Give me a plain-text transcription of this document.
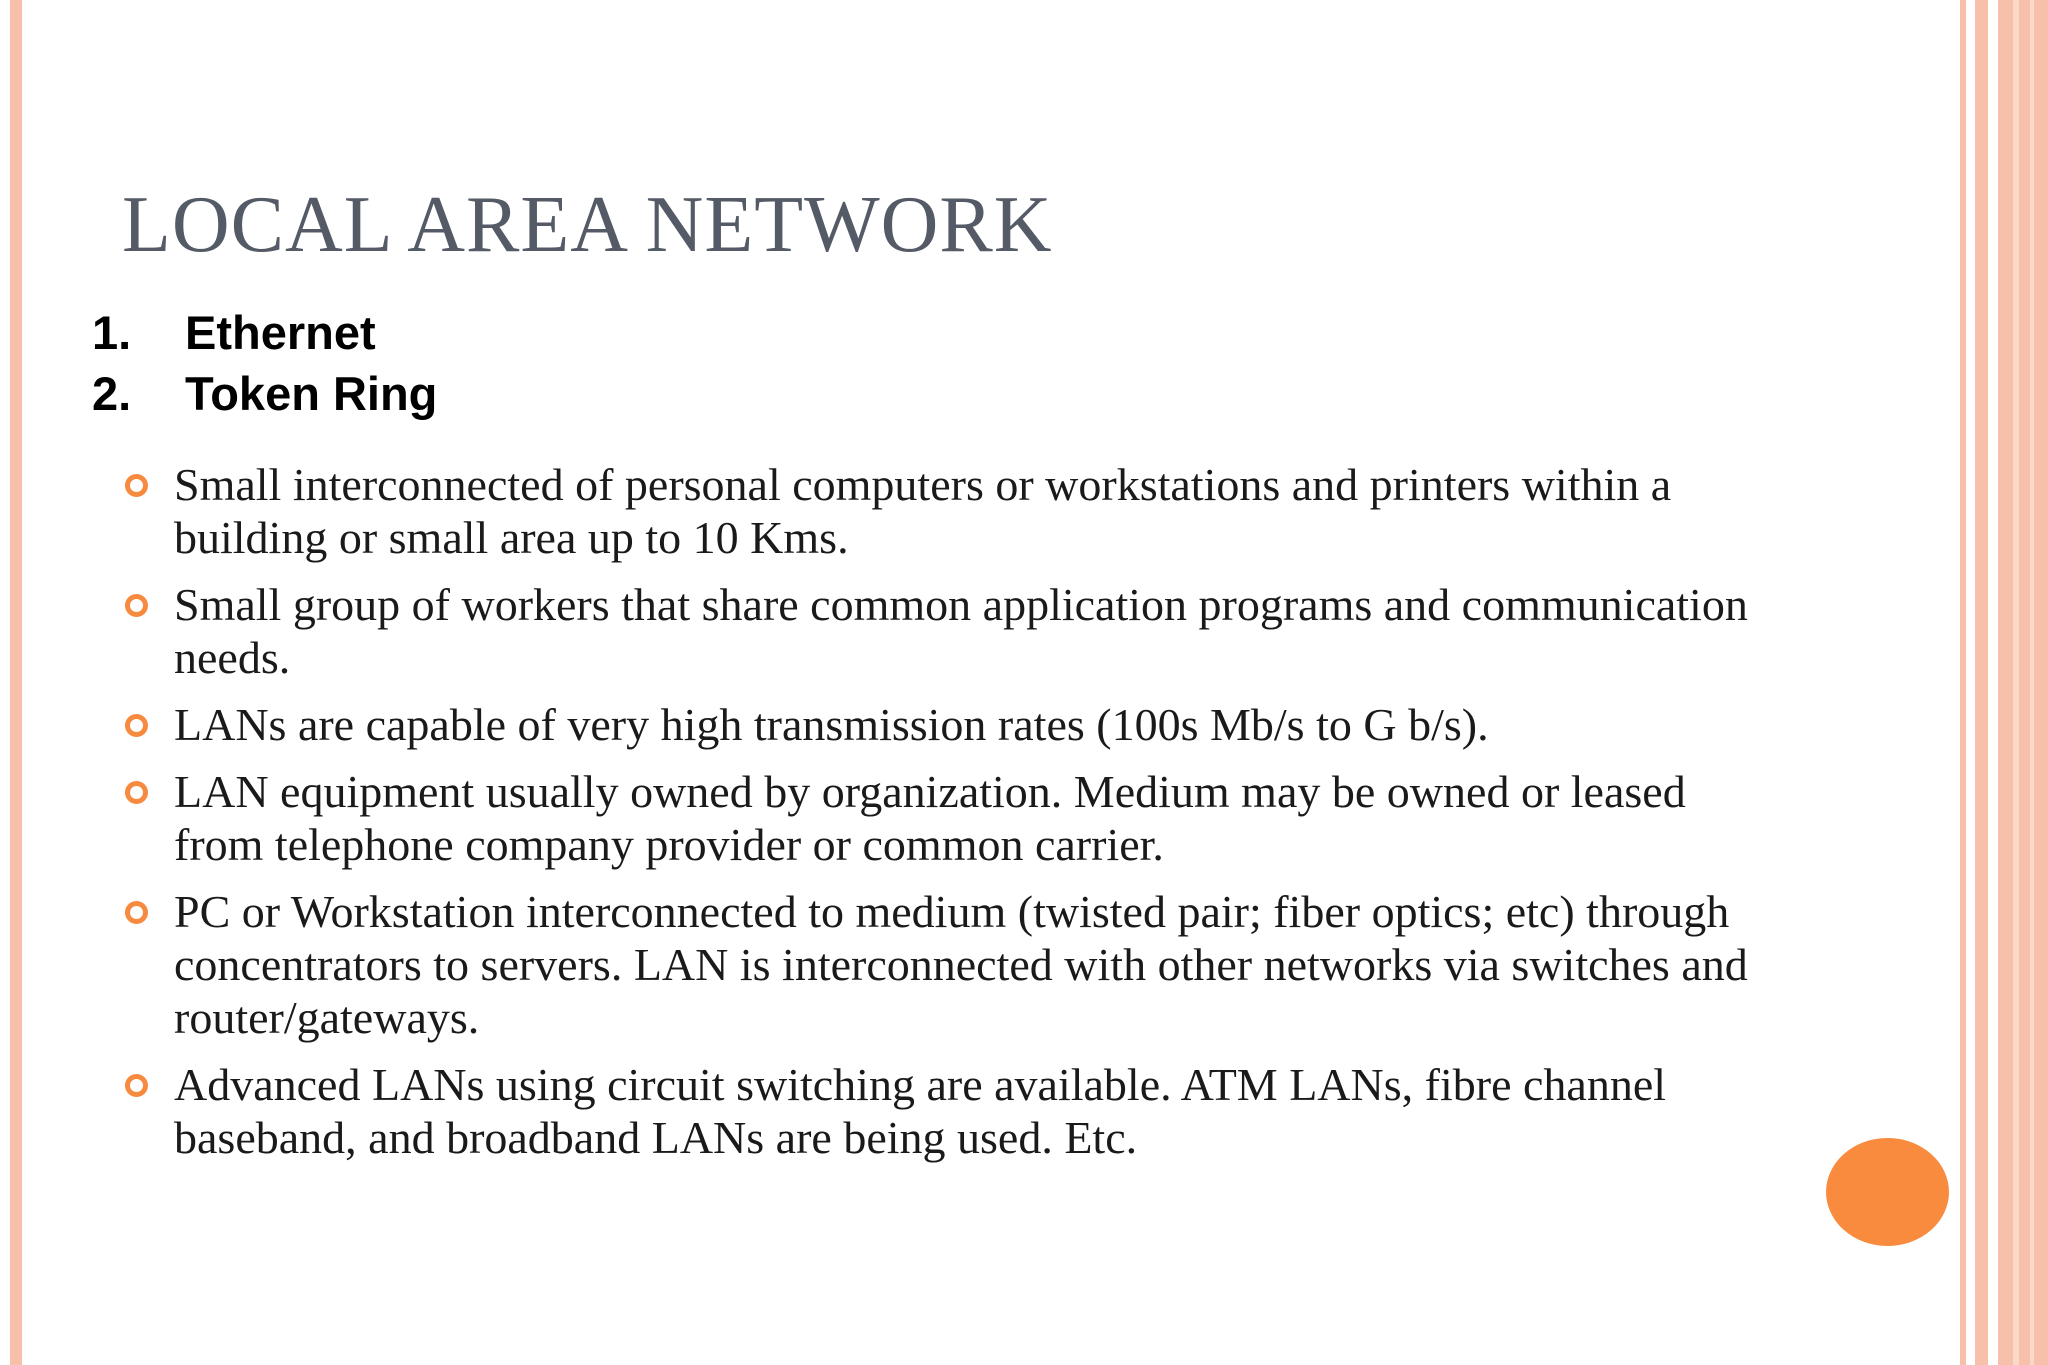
LOCAL AREA NETWORK
1.	Ethernet
2.	Token Ring
Small interconnected of personal computers or workstations and printers within a building or small area up to 10 Kms.
Small group of workers that share common application programs and communication needs.
LANs are capable of very high transmission rates (100s Mb/s to G b/s).
LAN equipment usually owned by organization. Medium may be owned or leased from telephone company provider or common carrier.
PC or Workstation interconnected to medium (twisted pair; fiber optics; etc) through concentrators to servers. LAN is interconnected with other networks via switches and router/gateways.
Advanced LANs using circuit switching are available. ATM LANs, fibre channel baseband, and broadband LANs are being used. Etc.
